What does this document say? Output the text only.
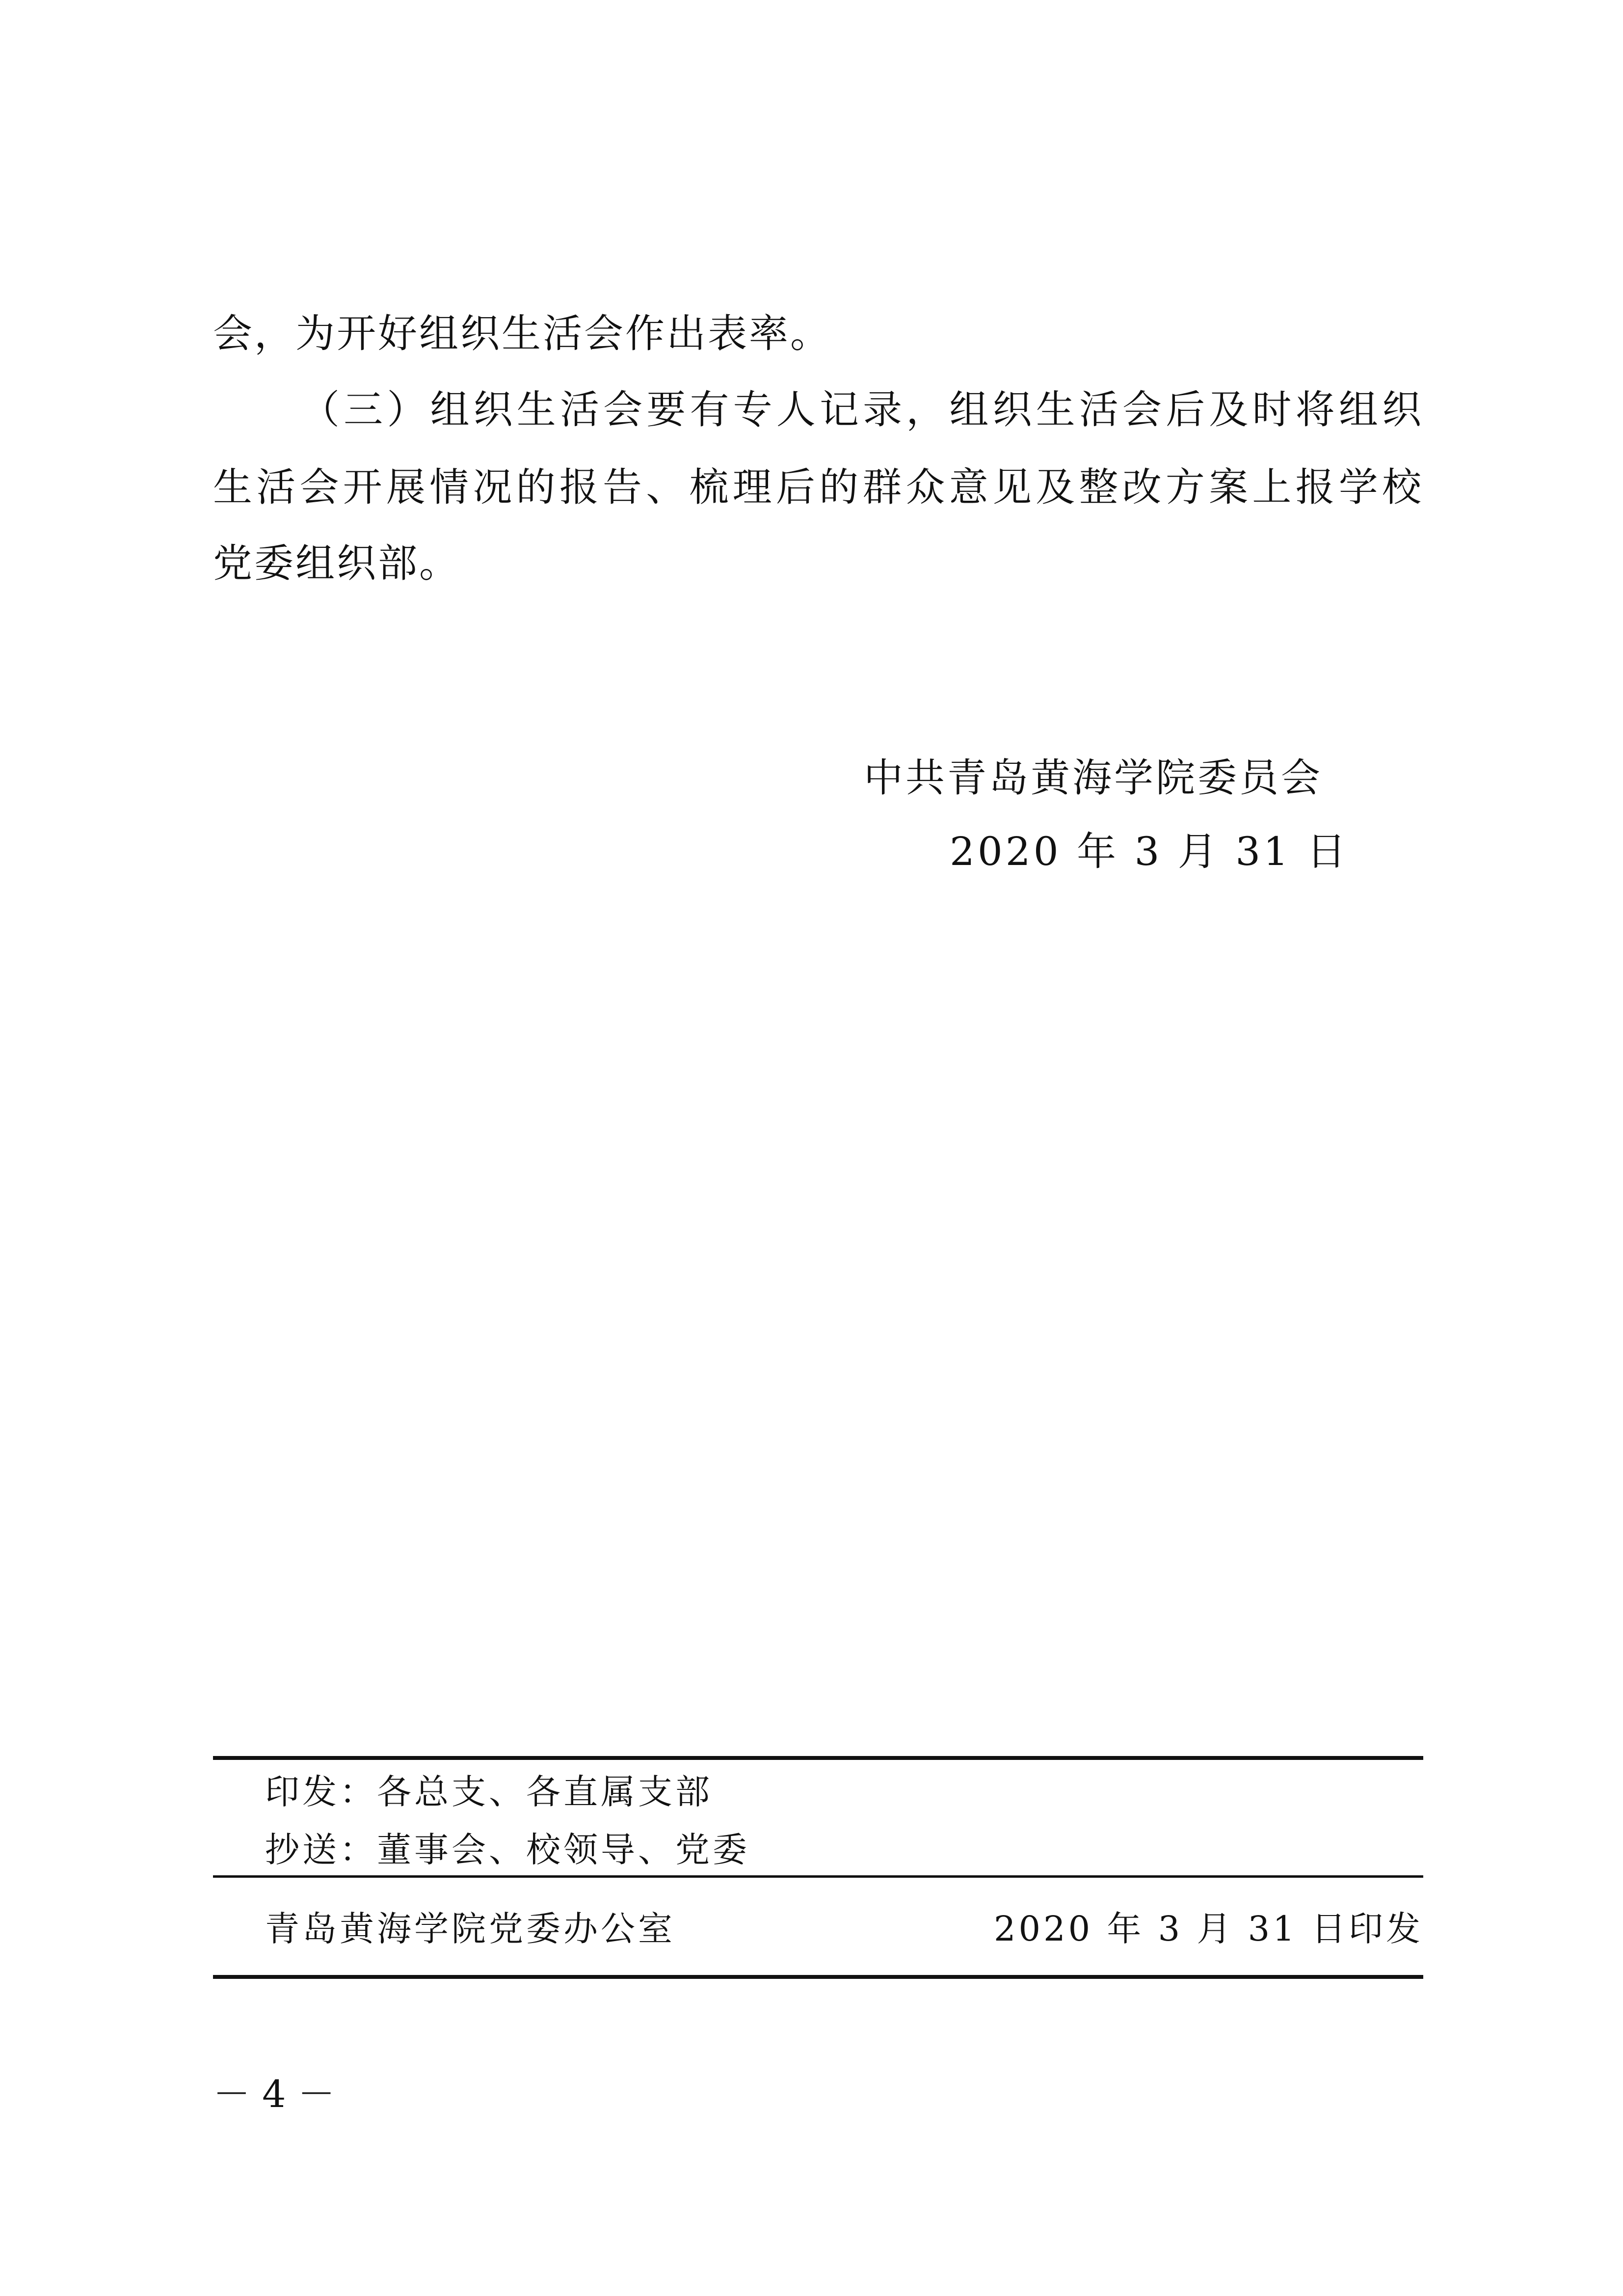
会，为开好组织生活会作出表率。
（三）组织生活会要有专人记录，组织生活会后及时将组织
生活会开展情况的报告、梳理后的群众意见及整改方案上报学校
党委组织部。
中共青岛黄海学院委员会
2020 年 3 月 31 日
印发：各总支、各直属支部
抄送：董事会、校领导、党委
青岛黄海学院党委办公室	2020 年 3 月 31 日印发
－ 4 －
